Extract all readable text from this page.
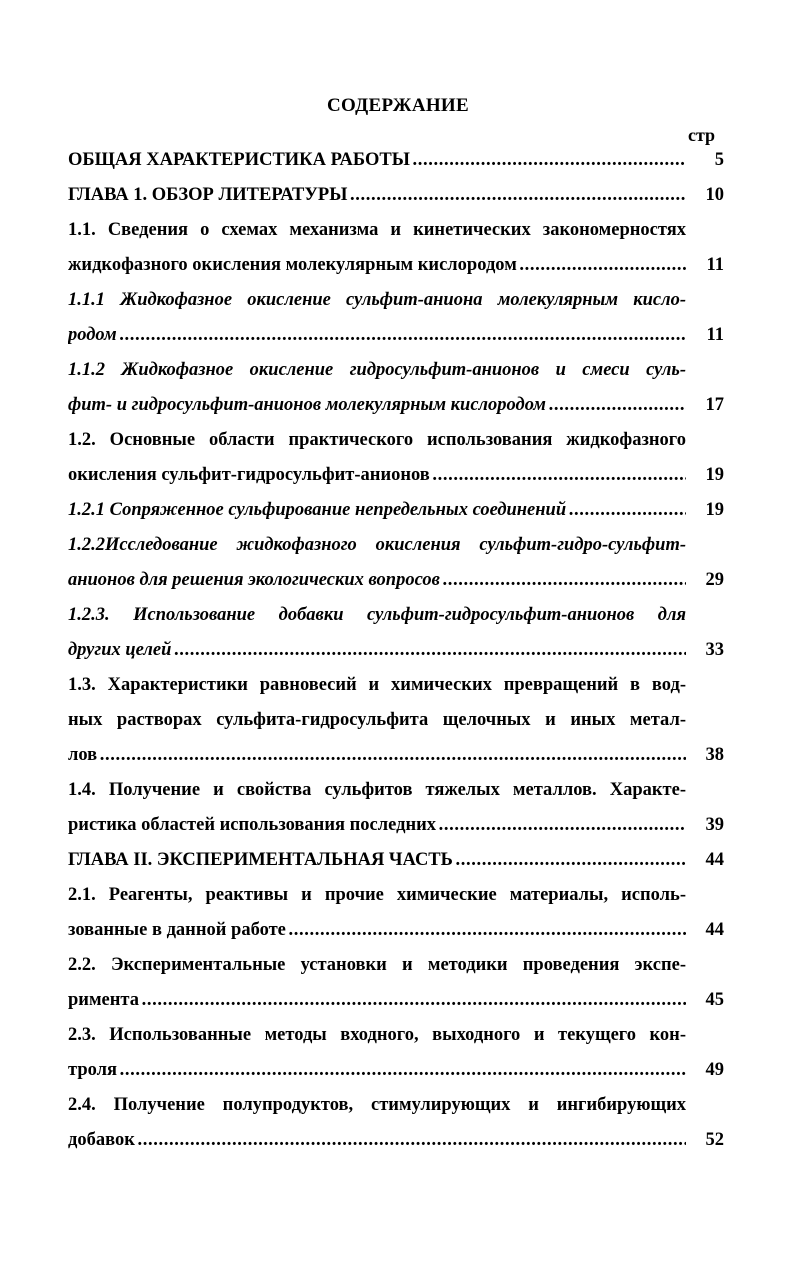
СОДЕРЖАНИЕ
стр
ОБЩАЯ ХАРАКТЕРИСТИКА РАБОТЫ . . .	5
ГЛАВА 1. ОБЗОР ЛИТЕРАТУРЫ . . .	10
1.1. Сведения о схемах механизма и кинетических закономерностях
жидкофазного окисления молекулярным кислородом . . .	11
1.1.1 Жидкофазное окисление сульфит-аниона молекулярным кисло-
родом . . .	11
1.1.2 Жидкофазное окисление гидросульфит-анионов и смеси суль-
фит- и гидросульфит-анионов молекулярным кислородом . . .	17
1.2. Основные области практического использования жидкофазного
окисления сульфит-гидросульфит-анионов . . .	19
1.2.1 Сопряженное сульфирование непредельных соединений . . .	19
1.2.2Исследование жидкофазного окисления сульфит-гидро-сульфит-
анионов для решения экологических вопросов . . .	29
1.2.3. Использование добавки сульфит-гидросульфит-анионов для
других целей . . .	33
1.3. Характеристики равновесий и химических превращений в вод-
ных растворах сульфита-гидросульфита щелочных и иных метал-
лов . . .	38
1.4. Получение и свойства сульфитов тяжелых металлов. Характе-
ристика областей использования последних . . .	39
ГЛАВА II. ЭКСПЕРИМЕНТАЛЬНАЯ ЧАСТЬ . . .	44
2.1. Реагенты, реактивы и прочие химические материалы, исполь-
зованные в данной работе . . .	44
2.2. Экспериментальные установки и методики проведения экспе-
римента . . .	45
2.3. Использованные методы входного, выходного и текущего кон-
троля . . .	49
2.4. Получение полупродуктов, стимулирующих и ингибирующих
добавок . . .	52
